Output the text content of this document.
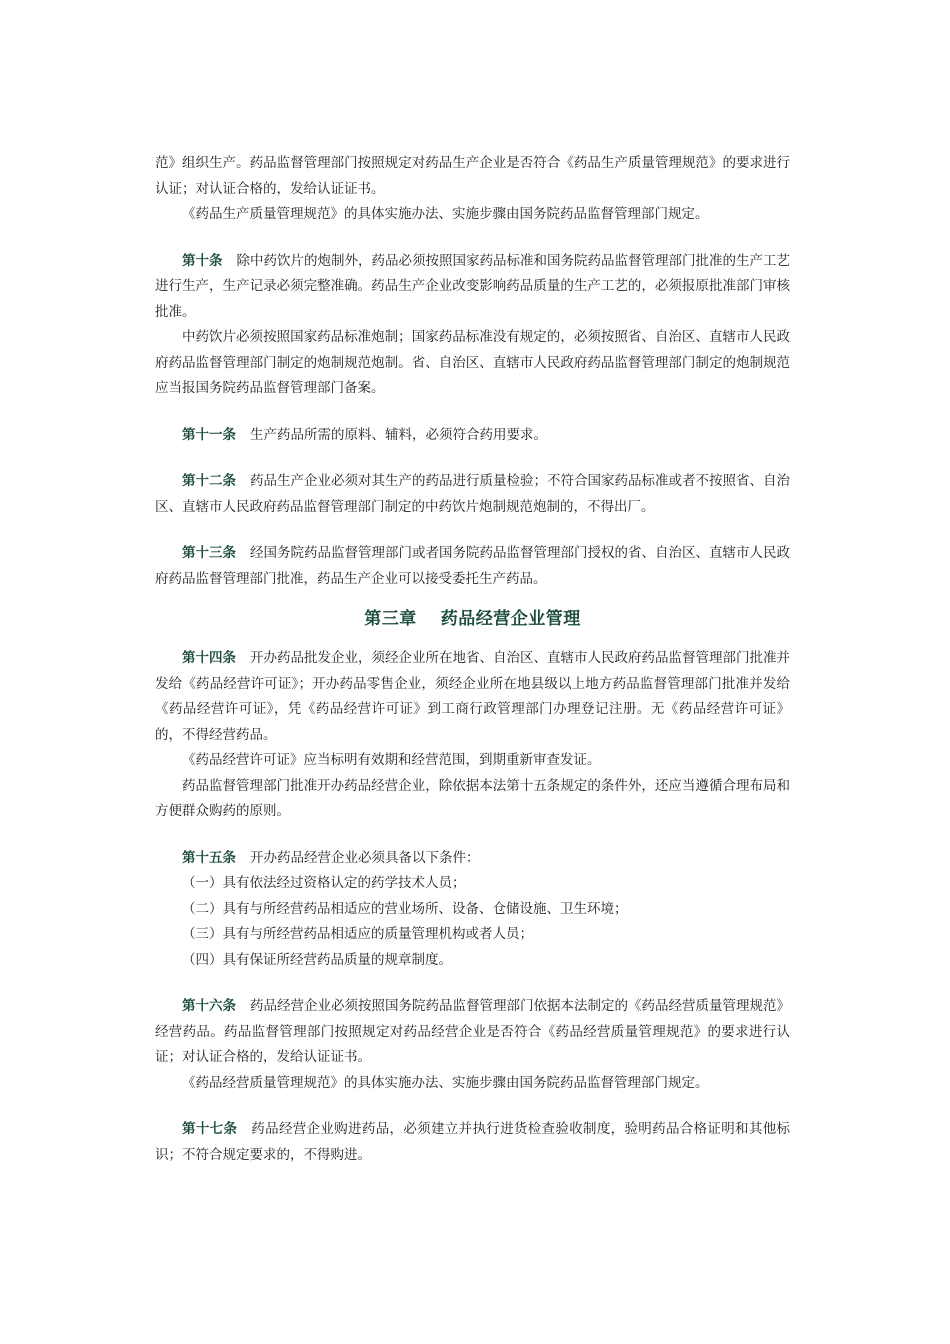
范》组织生产。药品监督管理部门按照规定对药品生产企业是否符合《药品生产质量管理规范》的要求进行认证；对认证合格的，发给认证证书。

《药品生产质量管理规范》的具体实施办法、实施步骤由国务院药品监督管理部门规定。

第十条 除中药饮片的炮制外，药品必须按照国家药品标准和国务院药品监督管理部门批准的生产工艺进行生产，生产记录必须完整准确。药品生产企业改变影响药品质量的生产工艺的，必须报原批准部门审核批准。

中药饮片必须按照国家药品标准炮制；国家药品标准没有规定的，必须按照省、自治区、直辖市人民政府药品监督管理部门制定的炮制规范炮制。省、自治区、直辖市人民政府药品监督管理部门制定的炮制规范应当报国务院药品监督管理部门备案。

第十一条 生产药品所需的原料、辅料，必须符合药用要求。

第十二条 药品生产企业必须对其生产的药品进行质量检验；不符合国家药品标准或者不按照省、自治区、直辖市人民政府药品监督管理部门制定的中药饮片炮制规范炮制的，不得出厂。

第十三条 经国务院药品监督管理部门或者国务院药品监督管理部门授权的省、自治区、直辖市人民政府药品监督管理部门批准，药品生产企业可以接受委托生产药品。

第三章 药品经营企业管理

第十四条 开办药品批发企业，须经企业所在地省、自治区、直辖市人民政府药品监督管理部门批准并发给《药品经营许可证》；开办药品零售企业，须经企业所在地县级以上地方药品监督管理部门批准并发给《药品经营许可证》，凭《药品经营许可证》到工商行政管理部门办理登记注册。无《药品经营许可证》的，不得经营药品。

《药品经营许可证》应当标明有效期和经营范围，到期重新审查发证。

药品监督管理部门批准开办药品经营企业，除依据本法第十五条规定的条件外，还应当遵循合理布局和方便群众购药的原则。

第十五条 开办药品经营企业必须具备以下条件：

（一）具有依法经过资格认定的药学技术人员；

（二）具有与所经营药品相适应的营业场所、设备、仓储设施、卫生环境；

（三）具有与所经营药品相适应的质量管理机构或者人员；

（四）具有保证所经营药品质量的规章制度。

第十六条 药品经营企业必须按照国务院药品监督管理部门依据本法制定的《药品经营质量管理规范》经营药品。药品监督管理部门按照规定对药品经营企业是否符合《药品经营质量管理规范》的要求进行认证；对认证合格的，发给认证证书。

《药品经营质量管理规范》的具体实施办法、实施步骤由国务院药品监督管理部门规定。

第十七条 药品经营企业购进药品，必须建立并执行进货检查验收制度，验明药品合格证明和其他标识；不符合规定要求的，不得购进。
